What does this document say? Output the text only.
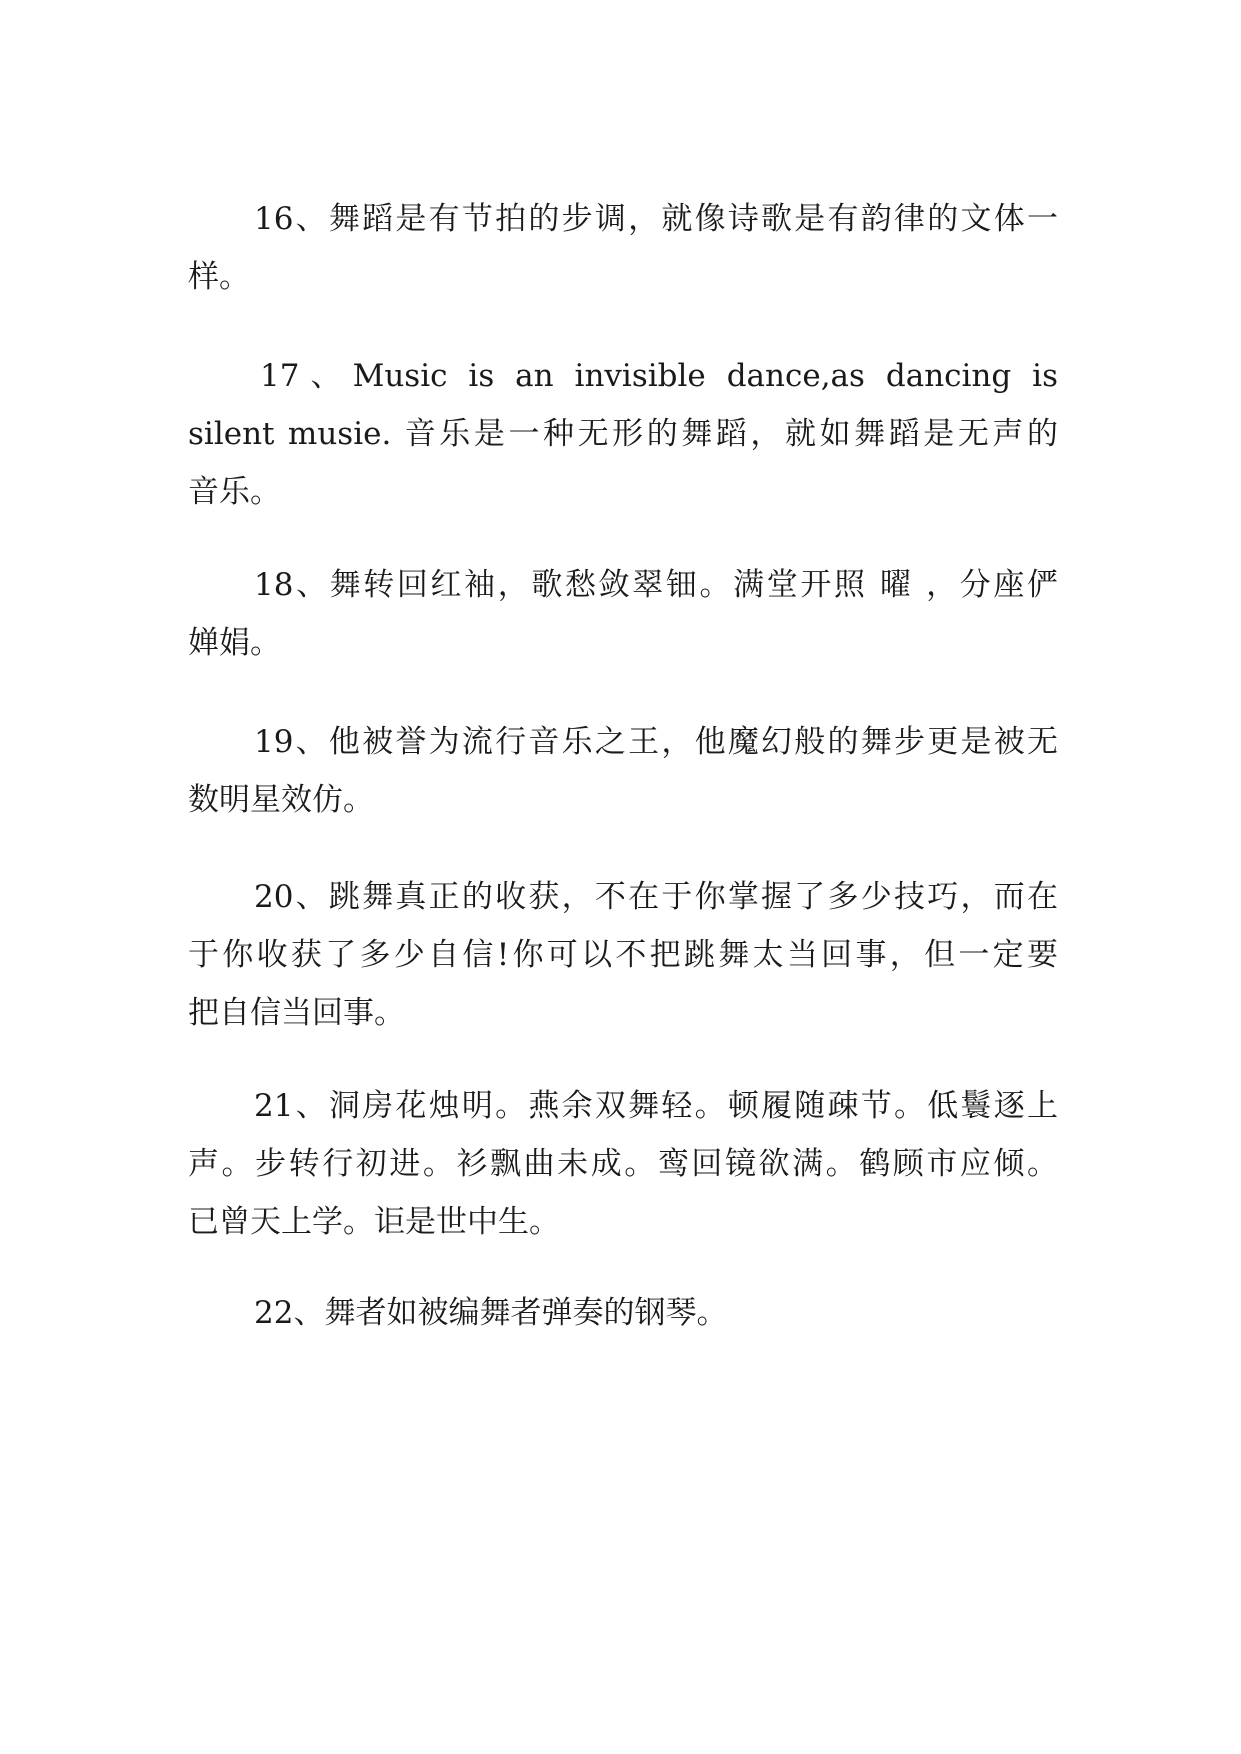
16、舞蹈是有节拍的步调，就像诗歌是有韵律的文体一
样。

17、Music is an invisible dance,as dancing is
silent musie. 音乐是一种无形的舞蹈，就如舞蹈是无声的
音乐。

18、舞转回红袖，歌愁敛翠钿。满堂开照 曜 ，分座俨
婵娟。

19、他被誉为流行音乐之王，他魔幻般的舞步更是被无
数明星效仿。

20、跳舞真正的收获，不在于你掌握了多少技巧，而在
于你收获了多少自信!你可以不把跳舞太当回事，但一定要
把自信当回事。

21、洞房花烛明。燕余双舞轻。顿履随疎节。低鬟逐上
声。步转行初进。衫飘曲未成。鸾回镜欲满。鹤顾市应倾。
已曾天上学。讵是世中生。

22、舞者如被编舞者弹奏的钢琴。
